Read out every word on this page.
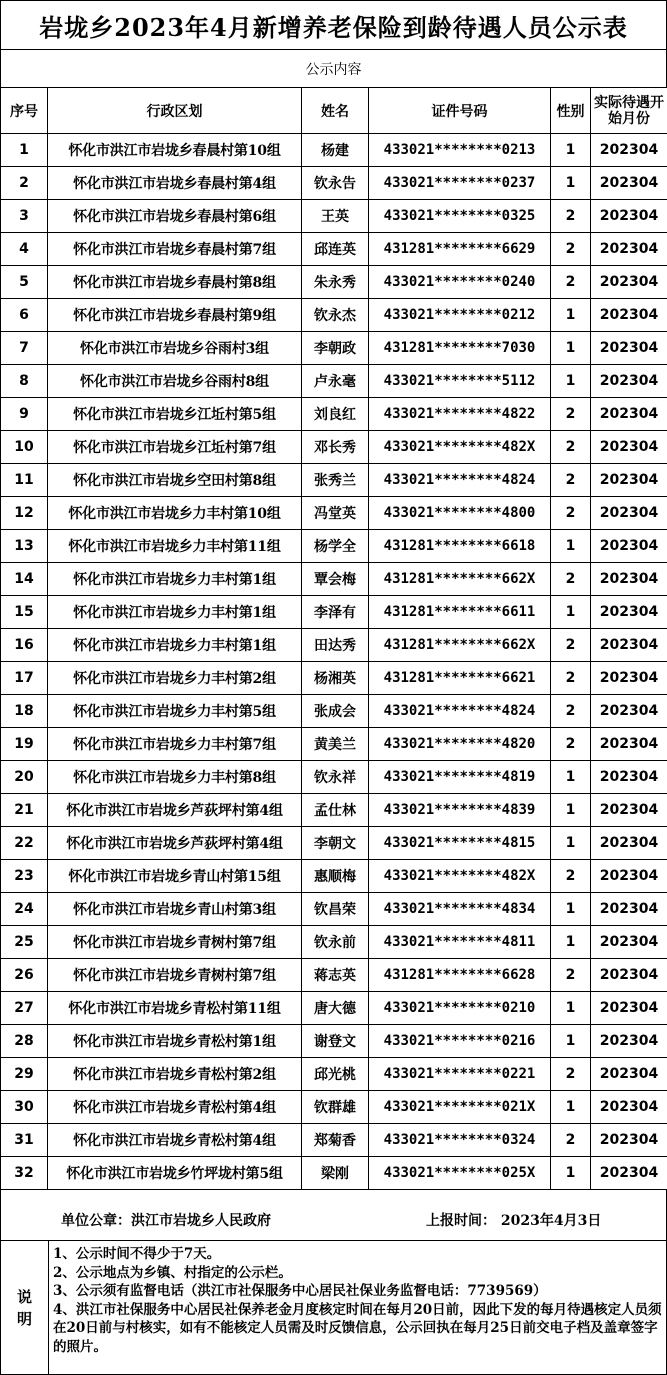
岩垅乡2023年4月新增养老保险到龄待遇人员公示表
公示内容
序号	行政区划	姓名	证件号码	性别	实际待遇开始月份
1	怀化市洪江市岩垅乡春晨村第10组	杨建	433021********0213	1	202304
2	怀化市洪江市岩垅乡春晨村第4组	钦永告	433021********0237	1	202304
3	怀化市洪江市岩垅乡春晨村第6组	王英	433021********0325	2	202304
4	怀化市洪江市岩垅乡春晨村第7组	邱连英	431281********6629	2	202304
5	怀化市洪江市岩垅乡春晨村第8组	朱永秀	433021********0240	2	202304
6	怀化市洪江市岩垅乡春晨村第9组	钦永杰	433021********0212	1	202304
7	怀化市洪江市岩垅乡谷雨村3组	李朝政	431281********7030	1	202304
8	怀化市洪江市岩垅乡谷雨村8组	卢永毫	433021********5112	1	202304
9	怀化市洪江市岩垅乡江坵村第5组	刘良红	433021********4822	2	202304
10	怀化市洪江市岩垅乡江坵村第7组	邓长秀	433021********482X	2	202304
11	怀化市洪江市岩垅乡空田村第8组	张秀兰	433021********4824	2	202304
12	怀化市洪江市岩垅乡力丰村第10组	冯堂英	433021********4800	2	202304
13	怀化市洪江市岩垅乡力丰村第11组	杨学全	431281********6618	1	202304
14	怀化市洪江市岩垅乡力丰村第1组	覃会梅	431281********662X	2	202304
15	怀化市洪江市岩垅乡力丰村第1组	李泽有	431281********6611	1	202304
16	怀化市洪江市岩垅乡力丰村第1组	田达秀	431281********662X	2	202304
17	怀化市洪江市岩垅乡力丰村第2组	杨湘英	431281********6621	2	202304
18	怀化市洪江市岩垅乡力丰村第5组	张成会	433021********4824	2	202304
19	怀化市洪江市岩垅乡力丰村第7组	黄美兰	433021********4820	2	202304
20	怀化市洪江市岩垅乡力丰村第8组	钦永祥	433021********4819	1	202304
21	怀化市洪江市岩垅乡芦荻坪村第4组	孟仕林	433021********4839	1	202304
22	怀化市洪江市岩垅乡芦荻坪村第4组	李朝文	433021********4815	1	202304
23	怀化市洪江市岩垅乡青山村第15组	惠顺梅	433021********482X	2	202304
24	怀化市洪江市岩垅乡青山村第3组	钦昌荣	433021********4834	1	202304
25	怀化市洪江市岩垅乡青树村第7组	钦永前	433021********4811	1	202304
26	怀化市洪江市岩垅乡青树村第7组	蒋志英	431281********6628	2	202304
27	怀化市洪江市岩垅乡青松村第11组	唐大德	433021********0210	1	202304
28	怀化市洪江市岩垅乡青松村第1组	谢登文	433021********0216	1	202304
29	怀化市洪江市岩垅乡青松村第2组	邱光桃	433021********0221	2	202304
30	怀化市洪江市岩垅乡青松村第4组	钦群雄	433021********021X	1	202304
31	怀化市洪江市岩垅乡青松村第4组	郑菊香	433021********0324	2	202304
32	怀化市洪江市岩垅乡竹坪垅村第5组	梁刚	433021********025X	1	202304
单位公章：洪江市岩垅乡人民政府	上报时间： 2023年4月3日
说明
1、公示时间不得少于7天。
2、公示地点为乡镇、村指定的公示栏。
3、公示须有监督电话（洪江市社保服务中心居民社保业务监督电话：7739569）
4、洪江市社保服务中心居民社保养老金月度核定时间在每月20日前，因此下发的每月待遇核定人员须在20日前与村核实，如有不能核定人员需及时反馈信息，公示回执在每月25日前交电子档及盖章签字的照片。
